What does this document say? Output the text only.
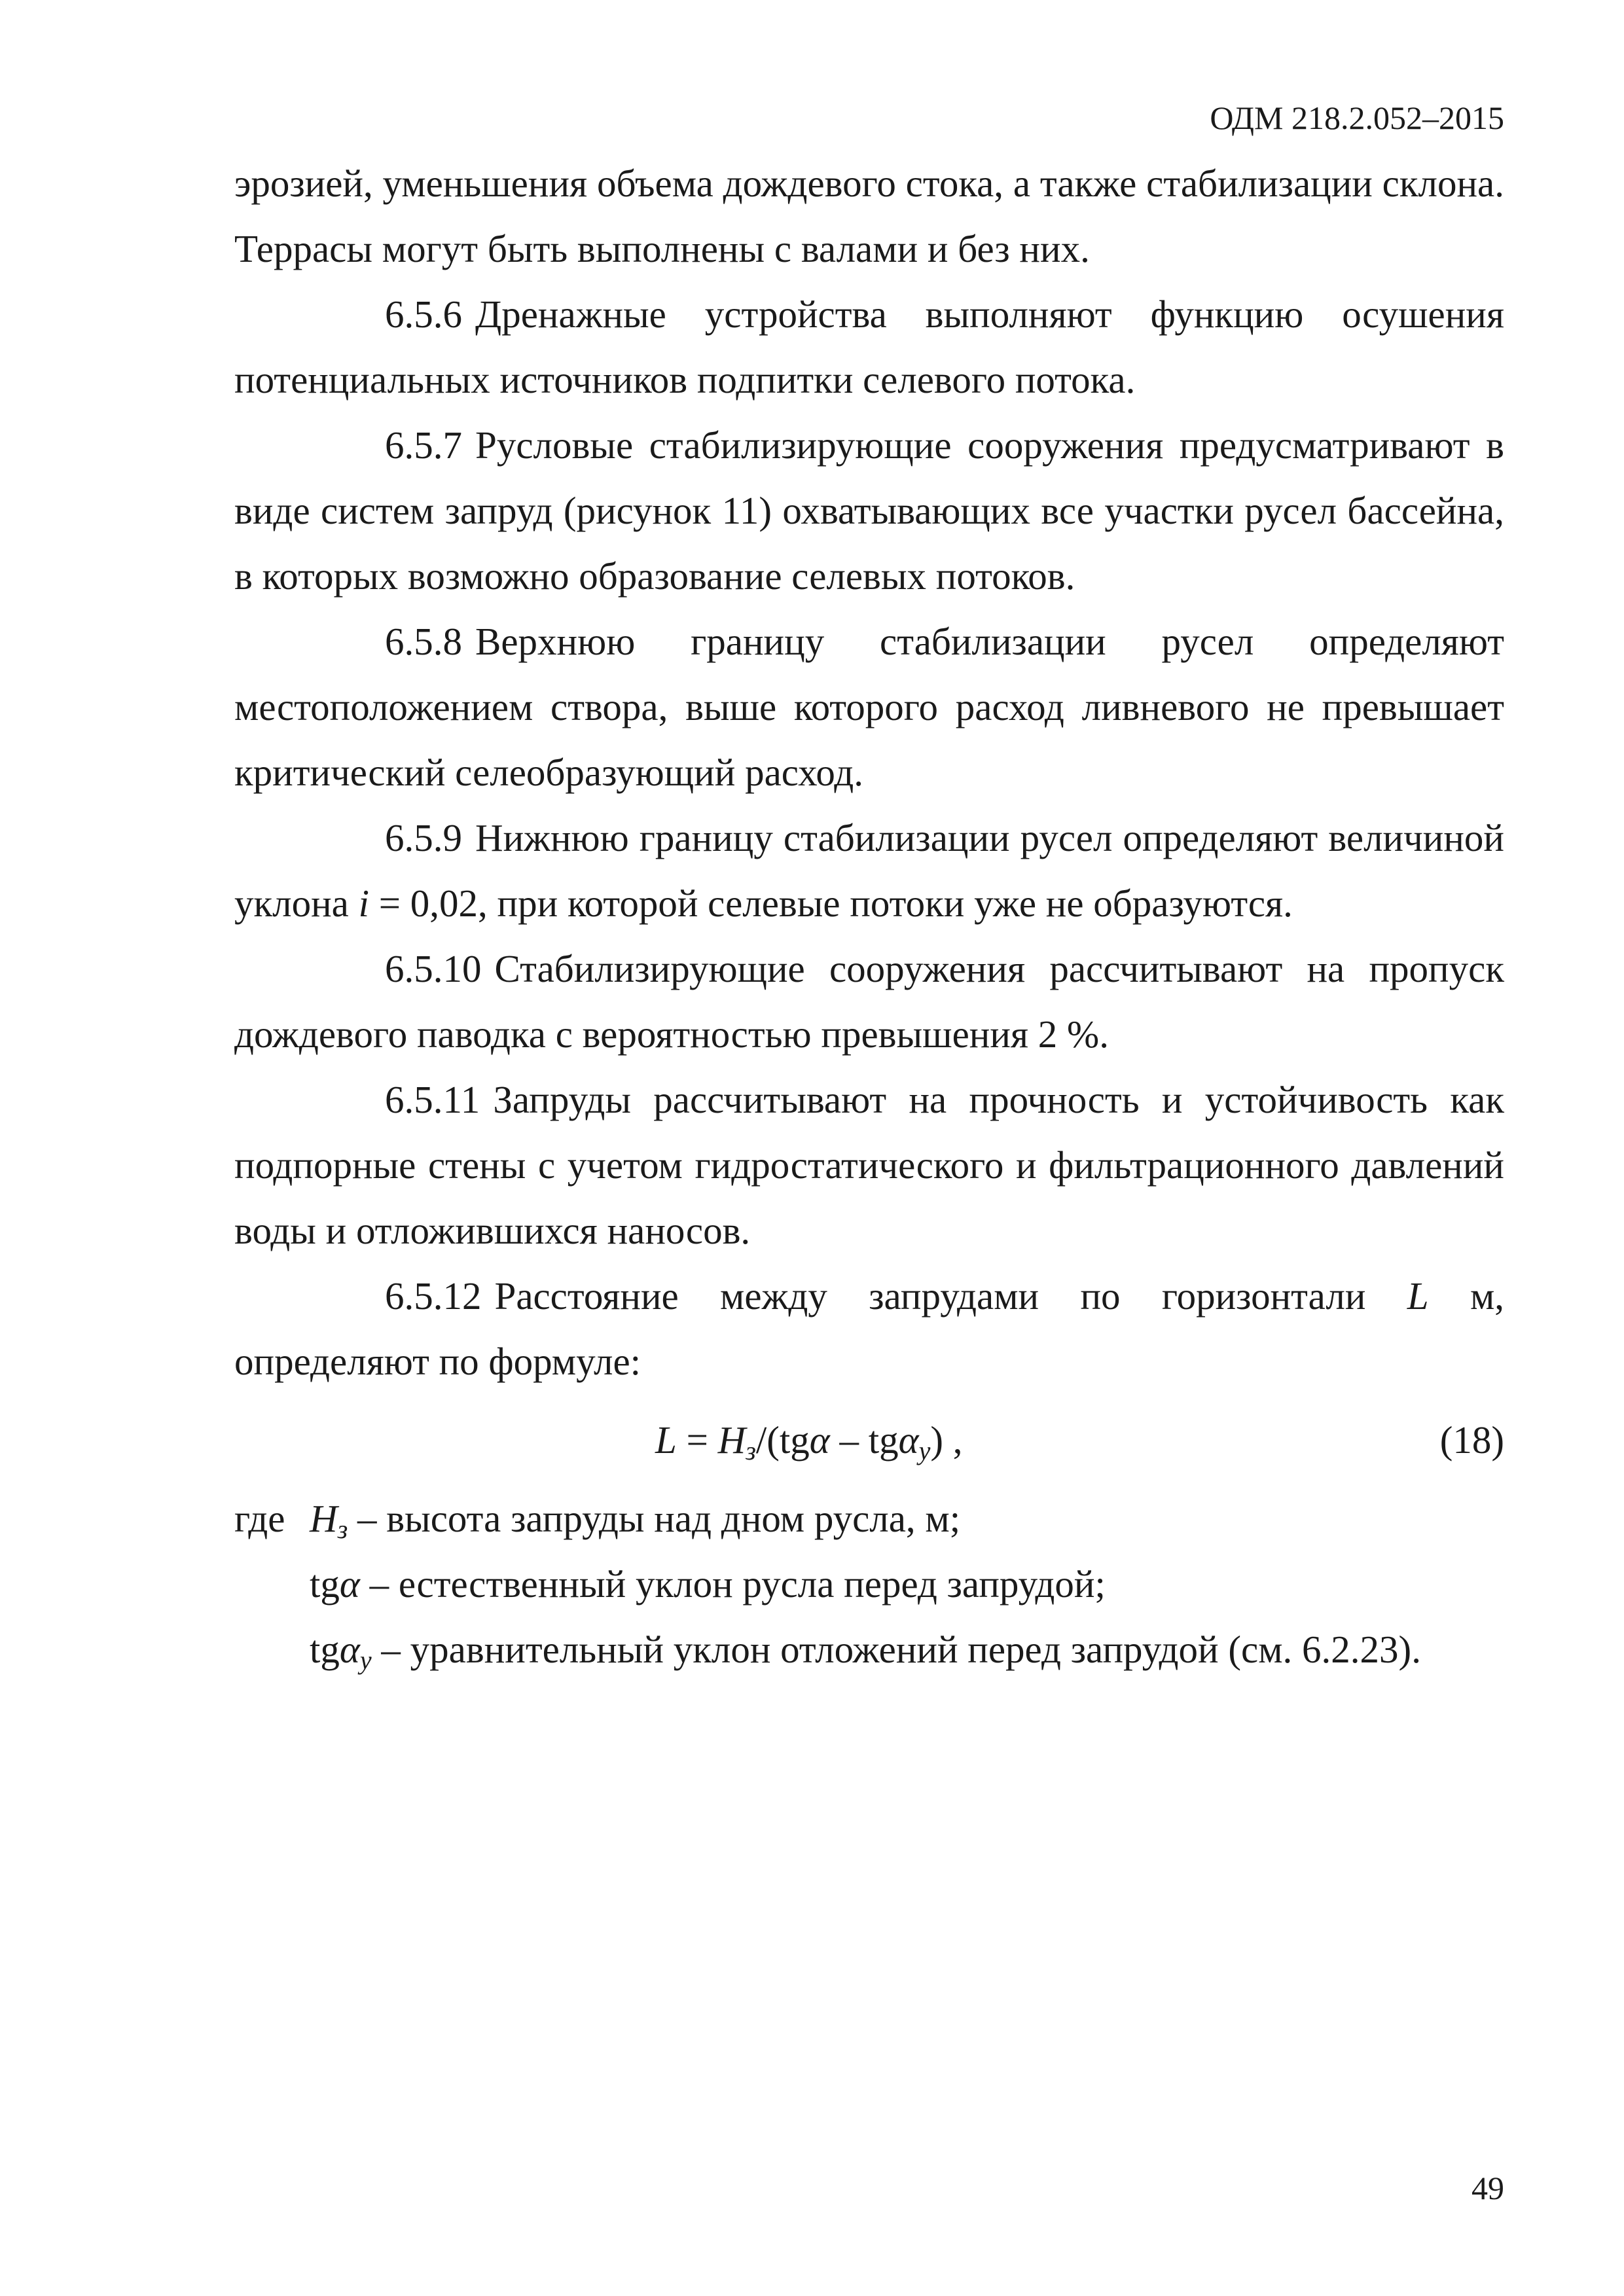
ОДМ 218.2.052–2015

эрозией, уменьшения объема дождевого стока, а также стабилизации склона. Террасы могут быть выполнены с валами и без них.

6.5.6 Дренажные устройства выполняют функцию осушения потенциальных источников подпитки селевого потока.

6.5.7 Русловые стабилизирующие сооружения предусматривают в виде систем запруд (рисунок 11) охватывающих все участки русел бассейна, в которых возможно образование селевых потоков.

6.5.8 Верхнюю границу стабилизации русел определяют местоположением створа, выше которого расход ливневого не превышает критический селеобразующий расход.

6.5.9 Нижнюю границу стабилизации русел определяют величиной уклона i = 0,02, при которой селевые потоки уже не образуются.

6.5.10 Стабилизирующие сооружения рассчитывают на пропуск дождевого паводка с вероятностью превышения 2 %.

6.5.11 Запруды рассчитывают на прочность и устойчивость как подпорные стены с учетом гидростатического и фильтрационного давлений воды и отложившихся наносов.

6.5.12 Расстояние между запрудами по горизонтали L м, определяют по формуле:

$L = H_з/(tg\alpha - tg\alpha_у)$ ,	(18)
где $H_з$ – высота запруды над дном русла, м;
tgα – естественный уклон русла перед запрудой;
tgα$_у$ – уравнительный уклон отложений перед запрудой (см. 6.2.23).
49
